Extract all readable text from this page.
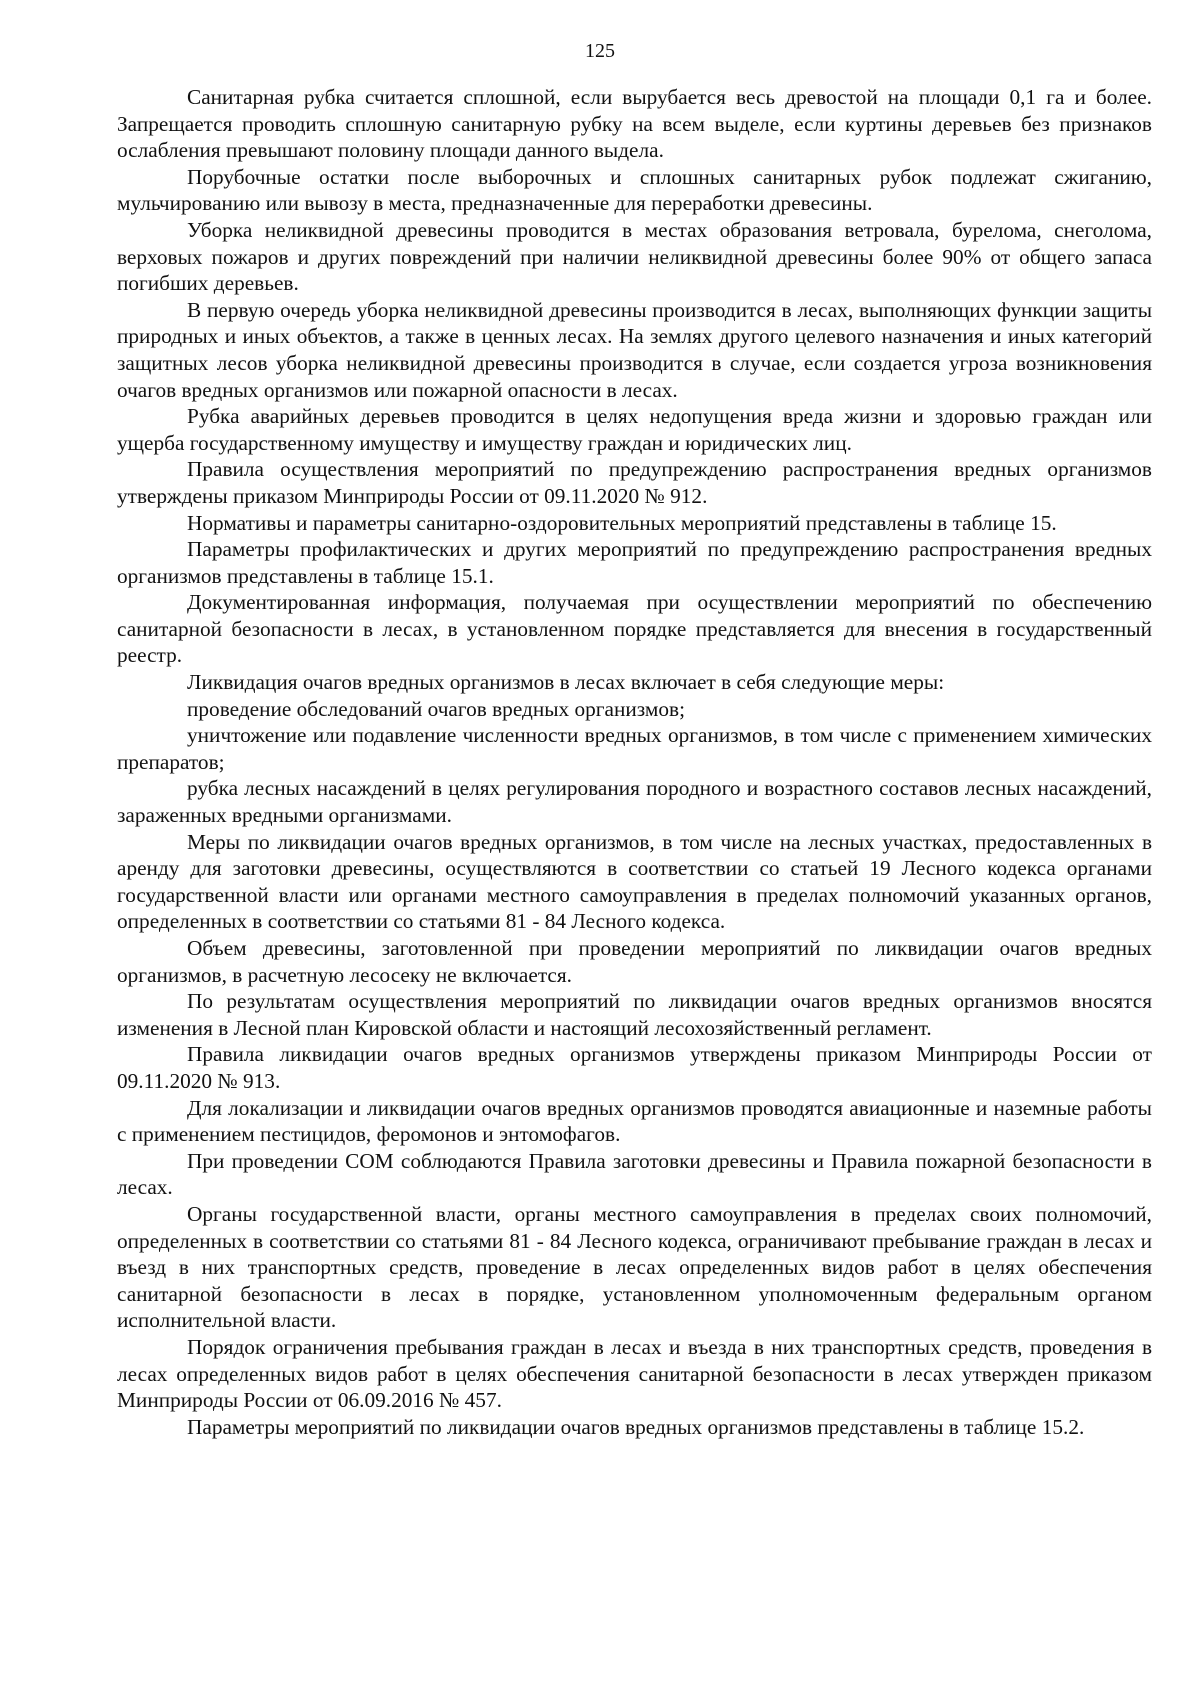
125

Санитарная рубка считается сплошной, если вырубается весь древостой на площади 0,1 га и более. Запрещается проводить сплошную санитарную рубку на всем выделе, если куртины деревьев без признаков ослабления превышают половину площади данного выдела.

Порубочные остатки после выборочных и сплошных санитарных рубок подлежат сжиганию, мульчированию или вывозу в места, предназначенные для переработки древесины.

Уборка неликвидной древесины проводится в местах образования ветровала, бурелома, снеголома, верховых пожаров и других повреждений при наличии неликвидной древесины более 90% от общего запаса погибших деревьев.

В первую очередь уборка неликвидной древесины производится в лесах, выполняющих функции защиты природных и иных объектов, а также в ценных лесах. На землях другого целевого назначения и иных категорий защитных лесов уборка неликвидной древесины производится в случае, если создается угроза возникновения очагов вредных организмов или пожарной опасности в лесах.

Рубка аварийных деревьев проводится в целях недопущения вреда жизни и здоровью граждан или ущерба государственному имуществу и имуществу граждан и юридических лиц.

Правила осуществления мероприятий по предупреждению распространения вредных организмов утверждены приказом Минприроды России от 09.11.2020 № 912.

Нормативы и параметры санитарно-оздоровительных мероприятий представлены в таблице 15.

Параметры профилактических и других мероприятий по предупреждению распространения вредных организмов представлены в таблице 15.1.

Документированная информация, получаемая при осуществлении мероприятий по обеспечению санитарной безопасности в лесах, в установленном порядке представляется для внесения в государственный реестр.

Ликвидация очагов вредных организмов в лесах включает в себя следующие меры:

проведение обследований очагов вредных организмов;

уничтожение или подавление численности вредных организмов, в том числе с применением химических препаратов;

рубка лесных насаждений в целях регулирования породного и возрастного составов лесных насаждений, зараженных вредными организмами.

Меры по ликвидации очагов вредных организмов, в том числе на лесных участках, предоставленных в аренду для заготовки древесины, осуществляются в соответствии со статьей 19 Лесного кодекса органами государственной власти или органами местного самоуправления в пределах полномочий указанных органов, определенных в соответствии со статьями 81 - 84 Лесного кодекса.

Объем древесины, заготовленной при проведении мероприятий по ликвидации очагов вредных организмов, в расчетную лесосеку не включается.

По результатам осуществления мероприятий по ликвидации очагов вредных организмов вносятся изменения в Лесной план Кировской области и настоящий лесохозяйственный регламент.

Правила ликвидации очагов вредных организмов утверждены приказом Минприроды России от 09.11.2020 № 913.

Для локализации и ликвидации очагов вредных организмов проводятся авиационные и наземные работы с применением пестицидов, феромонов и энтомофагов.

При проведении СОМ соблюдаются Правила заготовки древесины и Правила пожарной безопасности в лесах.

Органы государственной власти, органы местного самоуправления в пределах своих полномочий, определенных в соответствии со статьями 81 - 84 Лесного кодекса, ограничивают пребывание граждан в лесах и въезд в них транспортных средств, проведение в лесах определенных видов работ в целях обеспечения санитарной безопасности в лесах в порядке, установленном уполномоченным федеральным органом исполнительной власти.

Порядок ограничения пребывания граждан в лесах и въезда в них транспортных средств, проведения в лесах определенных видов работ в целях обеспечения санитарной безопасности в лесах утвержден приказом Минприроды России от 06.09.2016 № 457.

Параметры мероприятий по ликвидации очагов вредных организмов представлены в таблице 15.2.
